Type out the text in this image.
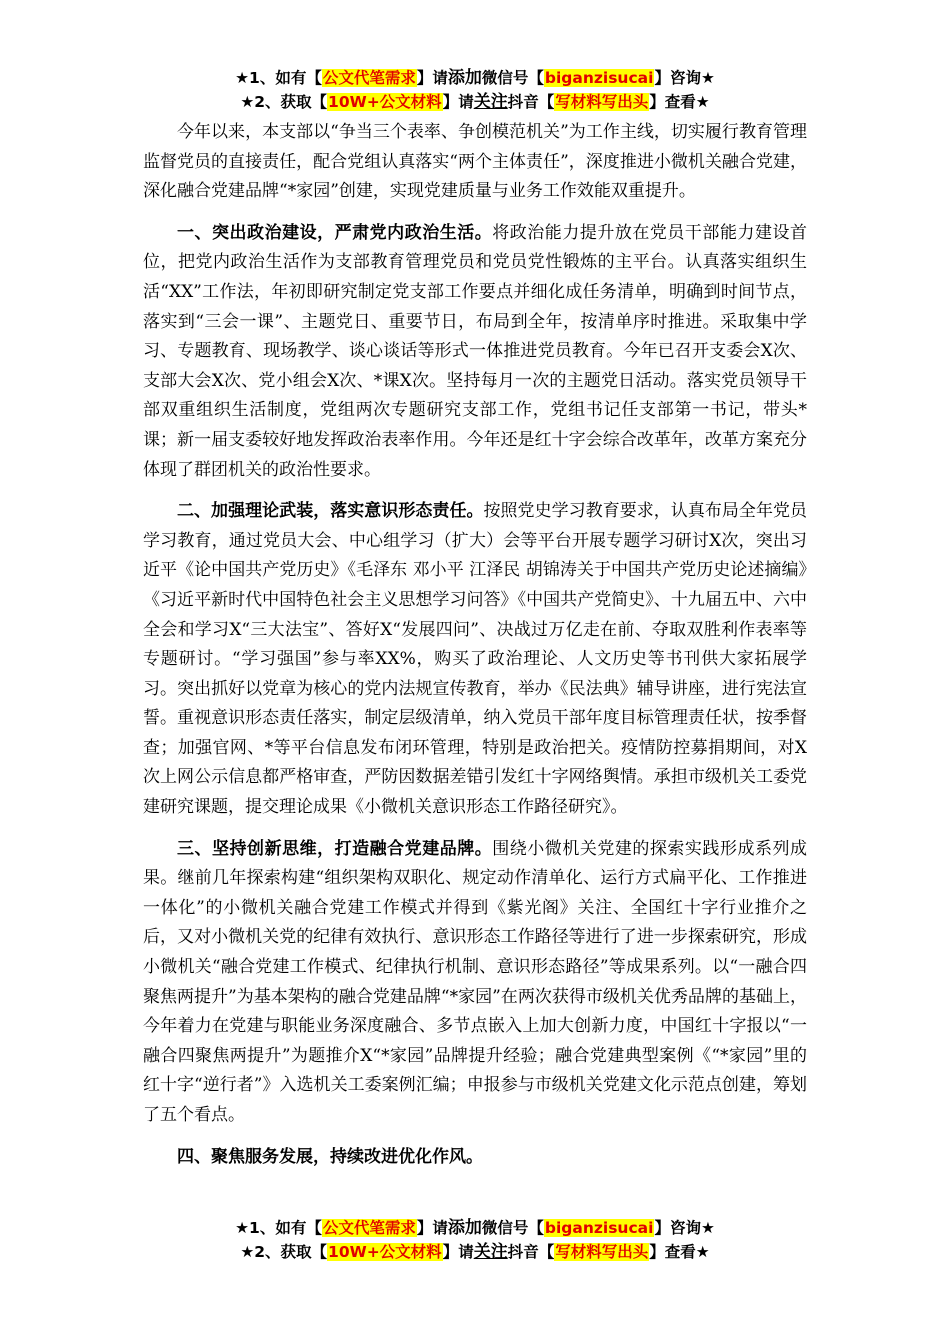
★1、如有【公文代笔需求】请添加微信号【biganzisucai】咨询★
★2、获取【10W+公文材料】请关注抖音【写材料写出头】查看★

今年以来，本支部以“争当三个表率、争创模范机关”为工作主线，切实履行教育管理监督党员的直接责任，配合党组认真落实“两个主体责任”，深度推进小微机关融合党建，深化融合党建品牌“*家园”创建，实现党建质量与业务工作效能双重提升。

一、突出政治建设，严肃党内政治生活。将政治能力提升放在党员干部能力建设首位，把党内政治生活作为支部教育管理党员和党员党性锻炼的主平台。认真落实组织生活“XX”工作法，年初即研究制定党支部工作要点并细化成任务清单，明确到时间节点，落实到“三会一课”、主题党日、重要节日，布局到全年，按清单序时推进。采取集中学习、专题教育、现场教学、谈心谈话等形式一体推进党员教育。今年已召开支委会X次、支部大会X次、党小组会X次、*课X次。坚持每月一次的主题党日活动。落实党员领导干部双重组织生活制度，党组两次专题研究支部工作，党组书记任支部第一书记，带头*课；新一届支委较好地发挥政治表率作用。今年还是红十字会综合改革年，改革方案充分体现了群团机关的政治性要求。

二、加强理论武装，落实意识形态责任。按照党史学习教育要求，认真布局全年党员学习教育，通过党员大会、中心组学习（扩大）会等平台开展专题学习研讨X次，突出习近平《论中国共产党历史》《毛泽东 邓小平 江泽民 胡锦涛关于中国共产党历史论述摘编》《习近平新时代中国特色社会主义思想学习问答》《中国共产党简史》、十九届五中、六中全会和学习X“三大法宝”、答好X“发展四问”、决战过万亿走在前、夺取双胜利作表率等专题研讨。“学习强国”参与率XX%，购买了政治理论、人文历史等书刊供大家拓展学习。突出抓好以党章为核心的党内法规宣传教育，举办《民法典》辅导讲座，进行宪法宣誓。重视意识形态责任落实，制定层级清单，纳入党员干部年度目标管理责任状，按季督查；加强官网、*等平台信息发布闭环管理，特别是政治把关。疫情防控募捐期间，对X次上网公示信息都严格审查，严防因数据差错引发红十字网络舆情。承担市级机关工委党建研究课题，提交理论成果《小微机关意识形态工作路径研究》。

三、坚持创新思维，打造融合党建品牌。围绕小微机关党建的探索实践形成系列成果。继前几年探索构建“组织架构双职化、规定动作清单化、运行方式扁平化、工作推进一体化”的小微机关融合党建工作模式并得到《紫光阁》关注、全国红十字行业推介之后，又对小微机关党的纪律有效执行、意识形态工作路径等进行了进一步探索研究，形成小微机关“融合党建工作模式、纪律执行机制、意识形态路径”等成果系列。以“一融合四聚焦两提升”为基本架构的融合党建品牌“*家园”在两次获得市级机关优秀品牌的基础上，今年着力在党建与职能业务深度融合、多节点嵌入上加大创新力度，中国红十字报以“一融合四聚焦两提升”为题推介X“*家园”品牌提升经验；融合党建典型案例《“*家园”里的红十字“逆行者”》入选机关工委案例汇编；申报参与市级机关党建文化示范点创建，筹划了五个看点。

四、聚焦服务发展，持续改进优化作风。

★1、如有【公文代笔需求】请添加微信号【biganzisucai】咨询★
★2、获取【10W+公文材料】请关注抖音【写材料写出头】查看★
